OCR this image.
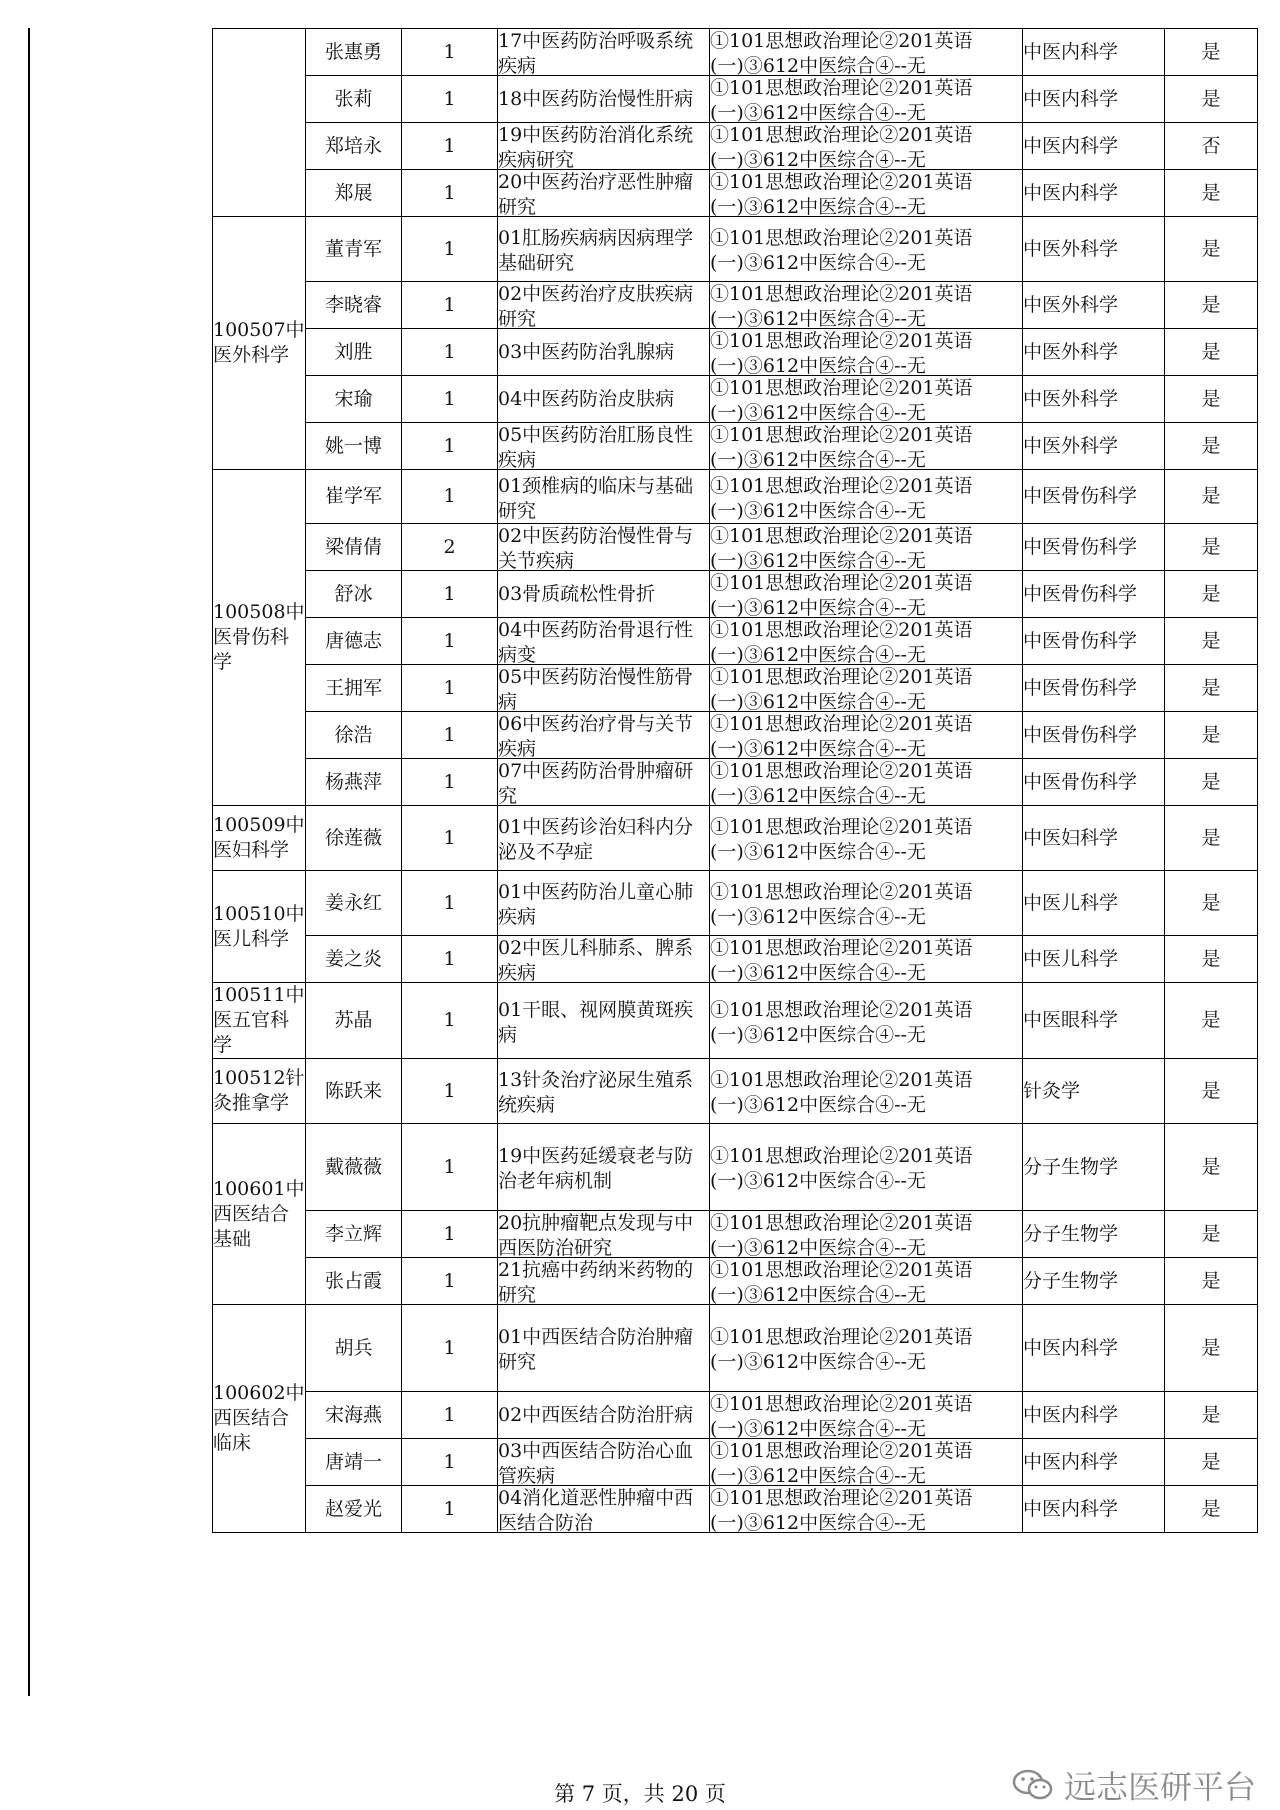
	张惠勇	1	17中医药防治呼吸系统疾病	①101思想政治理论②201英语(一)③612中医综合④--无	中医内科学	是
	张莉	1	18中医药防治慢性肝病	①101思想政治理论②201英语(一)③612中医综合④--无	中医内科学	是
	郑培永	1	19中医药防治消化系统疾病研究	①101思想政治理论②201英语(一)③612中医综合④--无	中医内科学	否
	郑展	1	20中医药治疗恶性肿瘤研究	①101思想政治理论②201英语(一)③612中医综合④--无	中医内科学	是
100507中医外科学	董青军	1	01肛肠疾病病因病理学基础研究	①101思想政治理论②201英语(一)③612中医综合④--无	中医外科学	是
	李晓睿	1	02中医药治疗皮肤疾病研究	①101思想政治理论②201英语(一)③612中医综合④--无	中医外科学	是
	刘胜	1	03中医药防治乳腺病	①101思想政治理论②201英语(一)③612中医综合④--无	中医外科学	是
	宋瑜	1	04中医药防治皮肤病	①101思想政治理论②201英语(一)③612中医综合④--无	中医外科学	是
	姚一博	1	05中医药防治肛肠良性疾病	①101思想政治理论②201英语(一)③612中医综合④--无	中医外科学	是
100508中医骨伤科学	崔学军	1	01颈椎病的临床与基础研究	①101思想政治理论②201英语(一)③612中医综合④--无	中医骨伤科学	是
	梁倩倩	2	02中医药防治慢性骨与关节疾病	①101思想政治理论②201英语(一)③612中医综合④--无	中医骨伤科学	是
	舒冰	1	03骨质疏松性骨折	①101思想政治理论②201英语(一)③612中医综合④--无	中医骨伤科学	是
	唐德志	1	04中医药防治骨退行性病变	①101思想政治理论②201英语(一)③612中医综合④--无	中医骨伤科学	是
	王拥军	1	05中医药防治慢性筋骨病	①101思想政治理论②201英语(一)③612中医综合④--无	中医骨伤科学	是
	徐浩	1	06中医药治疗骨与关节疾病	①101思想政治理论②201英语(一)③612中医综合④--无	中医骨伤科学	是
	杨燕萍	1	07中医药防治骨肿瘤研究	①101思想政治理论②201英语(一)③612中医综合④--无	中医骨伤科学	是
100509中医妇科学	徐莲薇	1	01中医药诊治妇科内分泌及不孕症	①101思想政治理论②201英语(一)③612中医综合④--无	中医妇科学	是
100510中医儿科学	姜永红	1	01中医药防治儿童心肺疾病	①101思想政治理论②201英语(一)③612中医综合④--无	中医儿科学	是
	姜之炎	1	02中医儿科肺系、脾系疾病	①101思想政治理论②201英语(一)③612中医综合④--无	中医儿科学	是
100511中医五官科学	苏晶	1	01干眼、视网膜黄斑疾病	①101思想政治理论②201英语(一)③612中医综合④--无	中医眼科学	是
100512针灸推拿学	陈跃来	1	13针灸治疗泌尿生殖系统疾病	①101思想政治理论②201英语(一)③612中医综合④--无	针灸学	是
100601中西医结合基础	戴薇薇	1	19中医药延缓衰老与防治老年病机制	①101思想政治理论②201英语(一)③612中医综合④--无	分子生物学	是
	李立辉	1	20抗肿瘤靶点发现与中西医防治研究	①101思想政治理论②201英语(一)③612中医综合④--无	分子生物学	是
	张占霞	1	21抗癌中药纳米药物的研究	①101思想政治理论②201英语(一)③612中医综合④--无	分子生物学	是
100602中西医结合临床	胡兵	1	01中西医结合防治肿瘤研究	①101思想政治理论②201英语(一)③612中医综合④--无	中医内科学	是
	宋海燕	1	02中西医结合防治肝病	①101思想政治理论②201英语(一)③612中医综合④--无	中医内科学	是
	唐靖一	1	03中西医结合防治心血管疾病	①101思想政治理论②201英语(一)③612中医综合④--无	中医内科学	是
	赵爱光	1	04消化道恶性肿瘤中西医结合防治	①101思想政治理论②201英语(一)③612中医综合④--无	中医内科学	是
第 7 页，共 20 页	远志医研平台
